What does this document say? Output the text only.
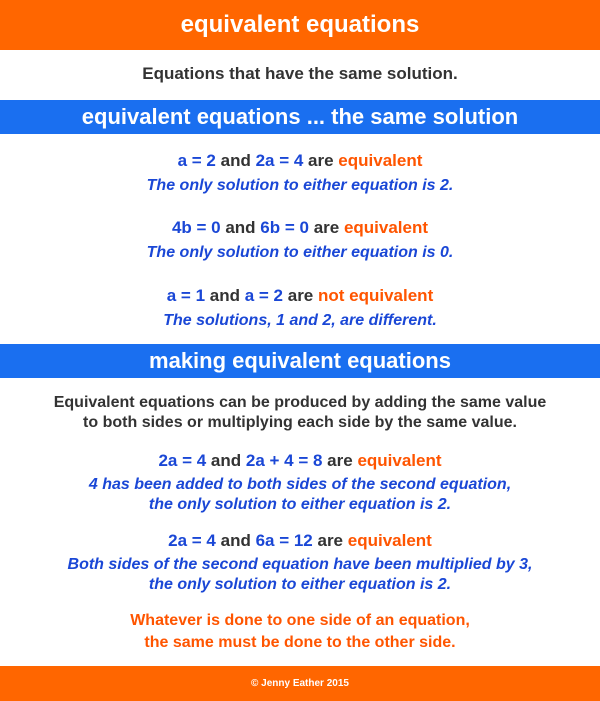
equivalent equations
Equations that have the same solution.
equivalent equations ... the same solution
a = 2 and 2a = 4 are equivalent
The only solution to either equation is 2.
4b = 0 and 6b = 0 are equivalent
The only solution to either equation is 0.
a = 1 and a = 2 are not equivalent
The solutions, 1 and 2, are different.
making equivalent equations
Equivalent equations can be produced by adding the same value
to both sides or multiplying each side by the same value.
2a = 4 and 2a + 4 = 8 are equivalent
4 has been added to both sides of the second equation,
the only solution to either equation is 2.
2a = 4 and 6a = 12 are equivalent
Both sides of the second equation have been multiplied by 3,
the only solution to either equation is 2.
Whatever is done to one side of an equation,
the same must be done to the other side.
© Jenny Eather 2015
